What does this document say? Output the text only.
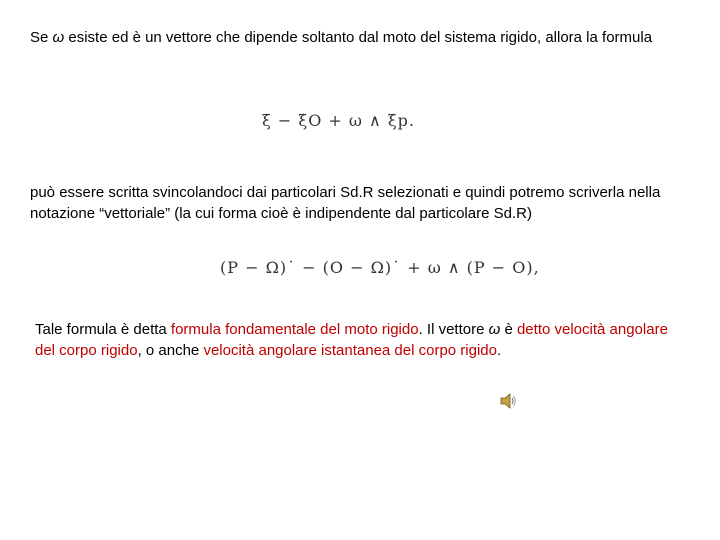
Se ω esiste ed è un vettore che dipende soltanto dal moto del sistema rigido, allora la formula
ξ̇ − ξ̇O + ω ∧ ξp.
può essere scritta svincolandoci dai particolari Sd.R selezionati e quindi potremo scriverla nella notazione “vettoriale” (la cui forma cioè è indipendente dal particolare Sd.R)
(P − Ω)˙ − (O − Ω)˙ + ω ∧ (P − O),
Tale formula è detta formula fondamentale del moto rigido. Il vettore ω è detto velocità angolare del corpo rigido, o anche velocità angolare istantanea del corpo rigido.
